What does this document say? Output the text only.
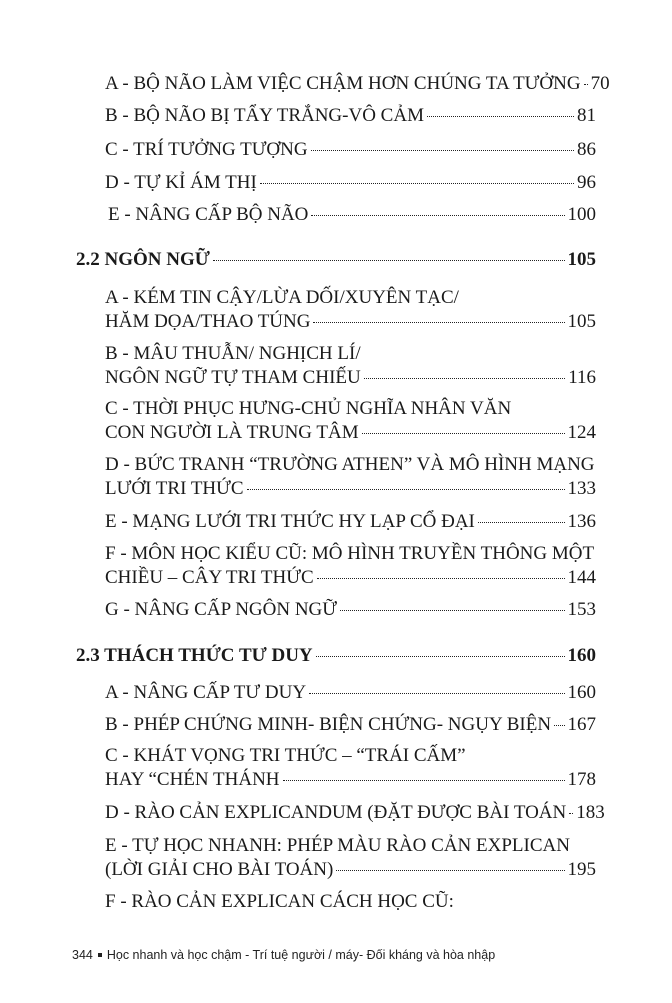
A - BỘ NÃO LÀM VIỆC CHẬM HƠN CHÚNG TA TƯỞNG 70
B - BỘ NÃO BỊ TẨY TRẮNG-VÔ CẢM	81
C - TRÍ TƯỞNG TƯỢNG	86
D - TỰ KỈ ÁM THỊ	96
E - NÂNG CẤP BỘ NÃO	100
2.2 NGÔN NGỮ	105
A - KÉM TIN CẬY/LỪA DỐI/XUYÊN TẠC/
HĂM DỌA/THAO TÚNG	105
B - MÂU THUẪN/ NGHỊCH LÍ/
NGÔN NGỮ TỰ THAM CHIẾU	116
C - THỜI PHỤC HƯNG-CHỦ NGHĨA NHÂN VĂN
CON NGƯỜI LÀ TRUNG TÂM	124
D - BỨC TRANH “TRƯỜNG ATHEN” VÀ MÔ HÌNH MẠNG
LƯỚI TRI THỨC	133
E - MẠNG LƯỚI TRI THỨC HY LẠP CỔ ĐẠI	136
F - MÔN HỌC KIỂU CŨ: MÔ HÌNH TRUYỀN THÔNG MỘT
CHIỀU – CÂY TRI THỨC	144
G - NÂNG CẤP NGÔN NGỮ	153
2.3 THÁCH THỨC TƯ DUY	160
A - NÂNG CẤP TƯ DUY	160
B - PHÉP CHỨNG MINH- BIỆN CHỨNG- NGỤY BIỆN 167
C - KHÁT VỌNG TRI THỨC – “TRÁI CẤM”
HAY “CHÉN THÁNH	178
D - RÀO CẢN EXPLICANDUM (ĐẶT ĐƯỢC BÀI TOÁN 183
E - TỰ HỌC NHANH: PHÉP MÀU RÀO CẢN EXPLICAN
(LỜI GIẢI CHO BÀI TOÁN)	195
F - RÀO CẢN EXPLICAN CÁCH HỌC CŨ:
344 Học nhanh và học chậm - Trí tuệ người / máy- Đối kháng và hòa nhập
